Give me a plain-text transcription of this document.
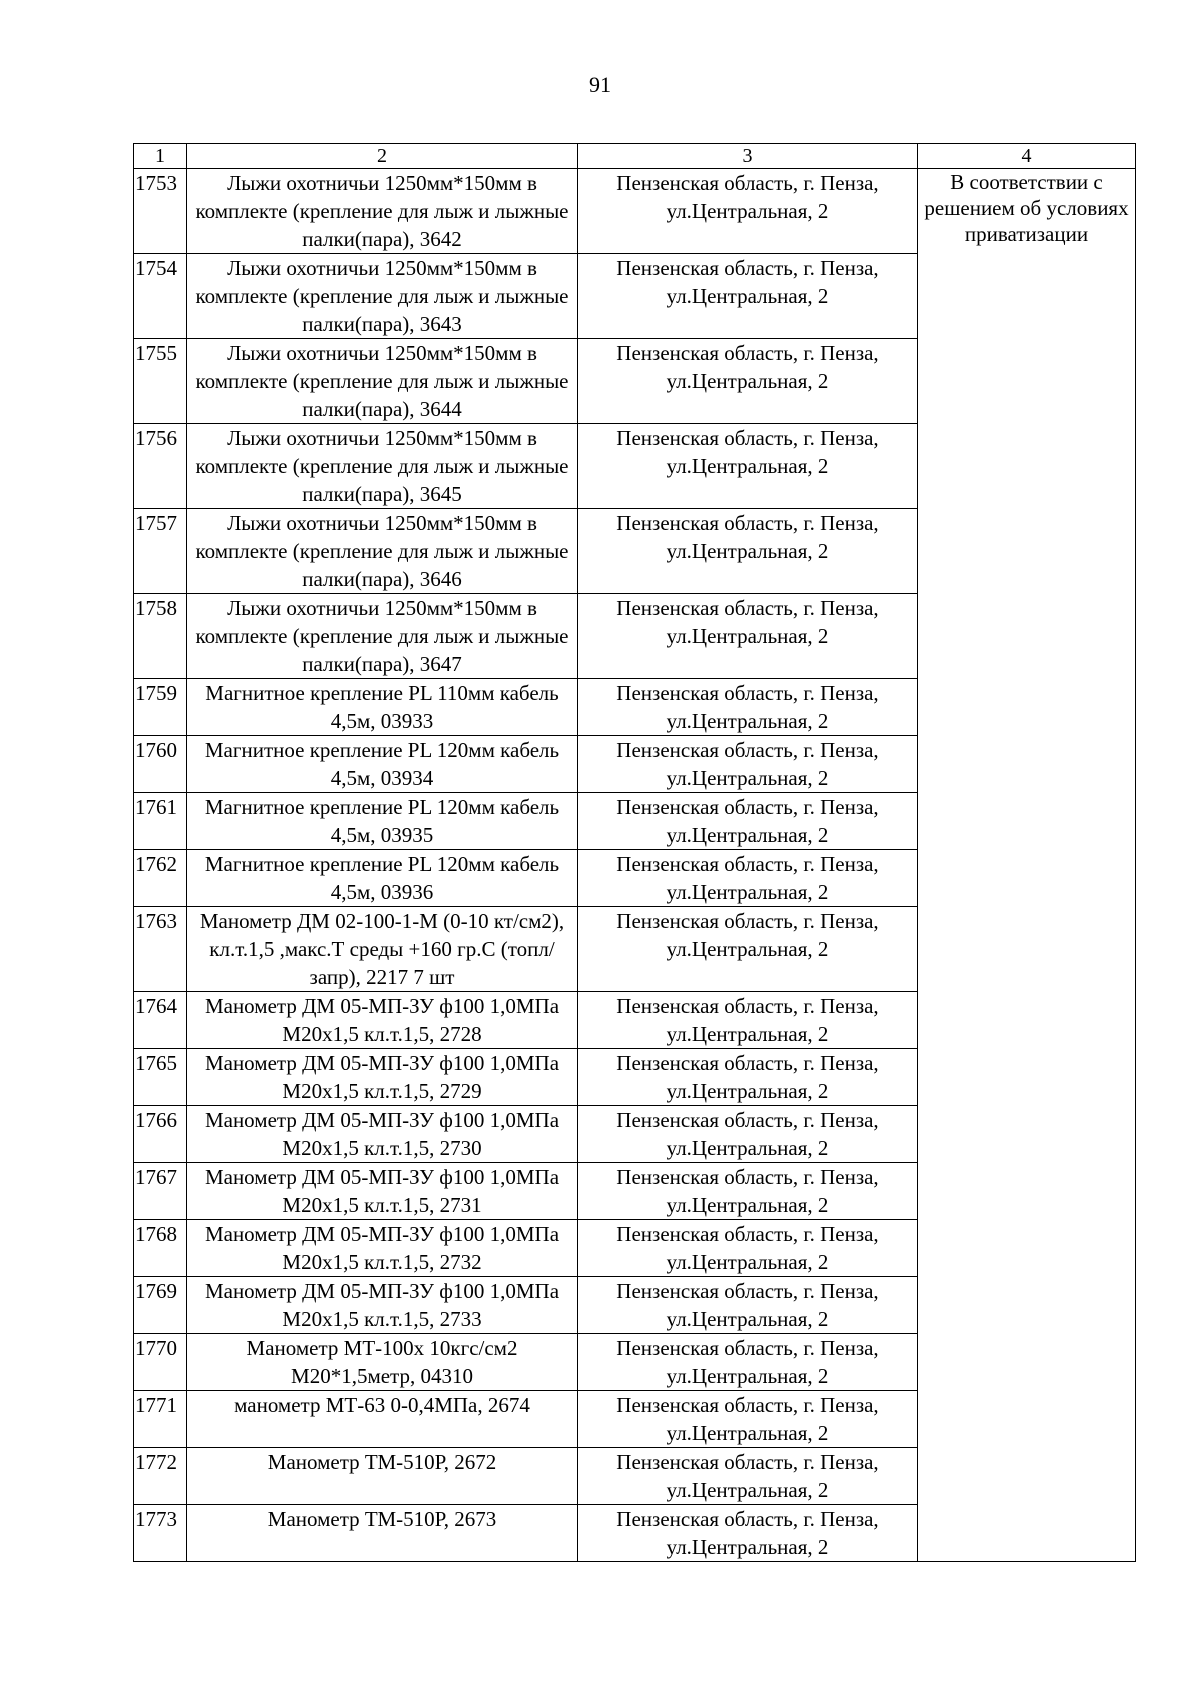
91
1	2	3	4
1753	Лыжи охотничьи 1250мм*150мм в комплекте (крепление для лыж и лыжные палки(пара), 3642	Пензенская область, г. Пенза, ул.Центральная, 2	В соответствии с решением об условиях приватизации
1754	Лыжи охотничьи 1250мм*150мм в комплекте (крепление для лыж и лыжные палки(пара), 3643	Пензенская область, г. Пенза, ул.Центральная, 2	
1755	Лыжи охотничьи 1250мм*150мм в комплекте (крепление для лыж и лыжные палки(пара), 3644	Пензенская область, г. Пенза, ул.Центральная, 2	
1756	Лыжи охотничьи 1250мм*150мм в комплекте (крепление для лыж и лыжные палки(пара), 3645	Пензенская область, г. Пенза, ул.Центральная, 2	
1757	Лыжи охотничьи 1250мм*150мм в комплекте (крепление для лыж и лыжные палки(пара), 3646	Пензенская область, г. Пенза, ул.Центральная, 2	
1758	Лыжи охотничьи 1250мм*150мм в комплекте (крепление для лыж и лыжные палки(пара), 3647	Пензенская область, г. Пенза, ул.Центральная, 2	
1759	Магнитное крепление PL 110мм кабель 4,5м, 03933	Пензенская область, г. Пенза, ул.Центральная, 2	
1760	Магнитное крепление PL 120мм кабель 4,5м, 03934	Пензенская область, г. Пенза, ул.Центральная, 2	
1761	Магнитное крепление PL 120мм кабель 4,5м, 03935	Пензенская область, г. Пенза, ул.Центральная, 2	
1762	Магнитное крепление PL 120мм кабель 4,5м, 03936	Пензенская область, г. Пенза, ул.Центральная, 2	
1763	Манометр ДМ 02-100-1-М (0-10 кт/см2), кл.т.1,5 ,макс.Т среды +160 гр.С (топл/запр), 2217 7 шт	Пензенская область, г. Пенза, ул.Центральная, 2	
1764	Манометр ДМ 05-МП-ЗУ ф100 1,0МПа М20х1,5 кл.т.1,5, 2728	Пензенская область, г. Пенза, ул.Центральная, 2	
1765	Манометр ДМ 05-МП-ЗУ ф100 1,0МПа М20х1,5 кл.т.1,5, 2729	Пензенская область, г. Пенза, ул.Центральная, 2	
1766	Манометр ДМ 05-МП-ЗУ ф100 1,0МПа М20х1,5 кл.т.1,5, 2730	Пензенская область, г. Пенза, ул.Центральная, 2	
1767	Манометр ДМ 05-МП-ЗУ ф100 1,0МПа М20х1,5 кл.т.1,5, 2731	Пензенская область, г. Пенза, ул.Центральная, 2	
1768	Манометр ДМ 05-МП-ЗУ ф100 1,0МПа М20х1,5 кл.т.1,5, 2732	Пензенская область, г. Пенза, ул.Центральная, 2	
1769	Манометр ДМ 05-МП-ЗУ ф100 1,0МПа М20х1,5 кл.т.1,5, 2733	Пензенская область, г. Пенза, ул.Центральная, 2	
1770	Манометр МТ-100х 10кгс/см2 М20*1,5метр, 04310	Пензенская область, г. Пенза, ул.Центральная, 2	
1771	манометр МТ-63 0-0,4МПа, 2674	Пензенская область, г. Пенза, ул.Центральная, 2	
1772	Манометр ТМ-510Р, 2672	Пензенская область, г. Пенза, ул.Центральная, 2	
1773	Манометр ТМ-510Р, 2673	Пензенская область, г. Пенза, ул.Центральная, 2	
